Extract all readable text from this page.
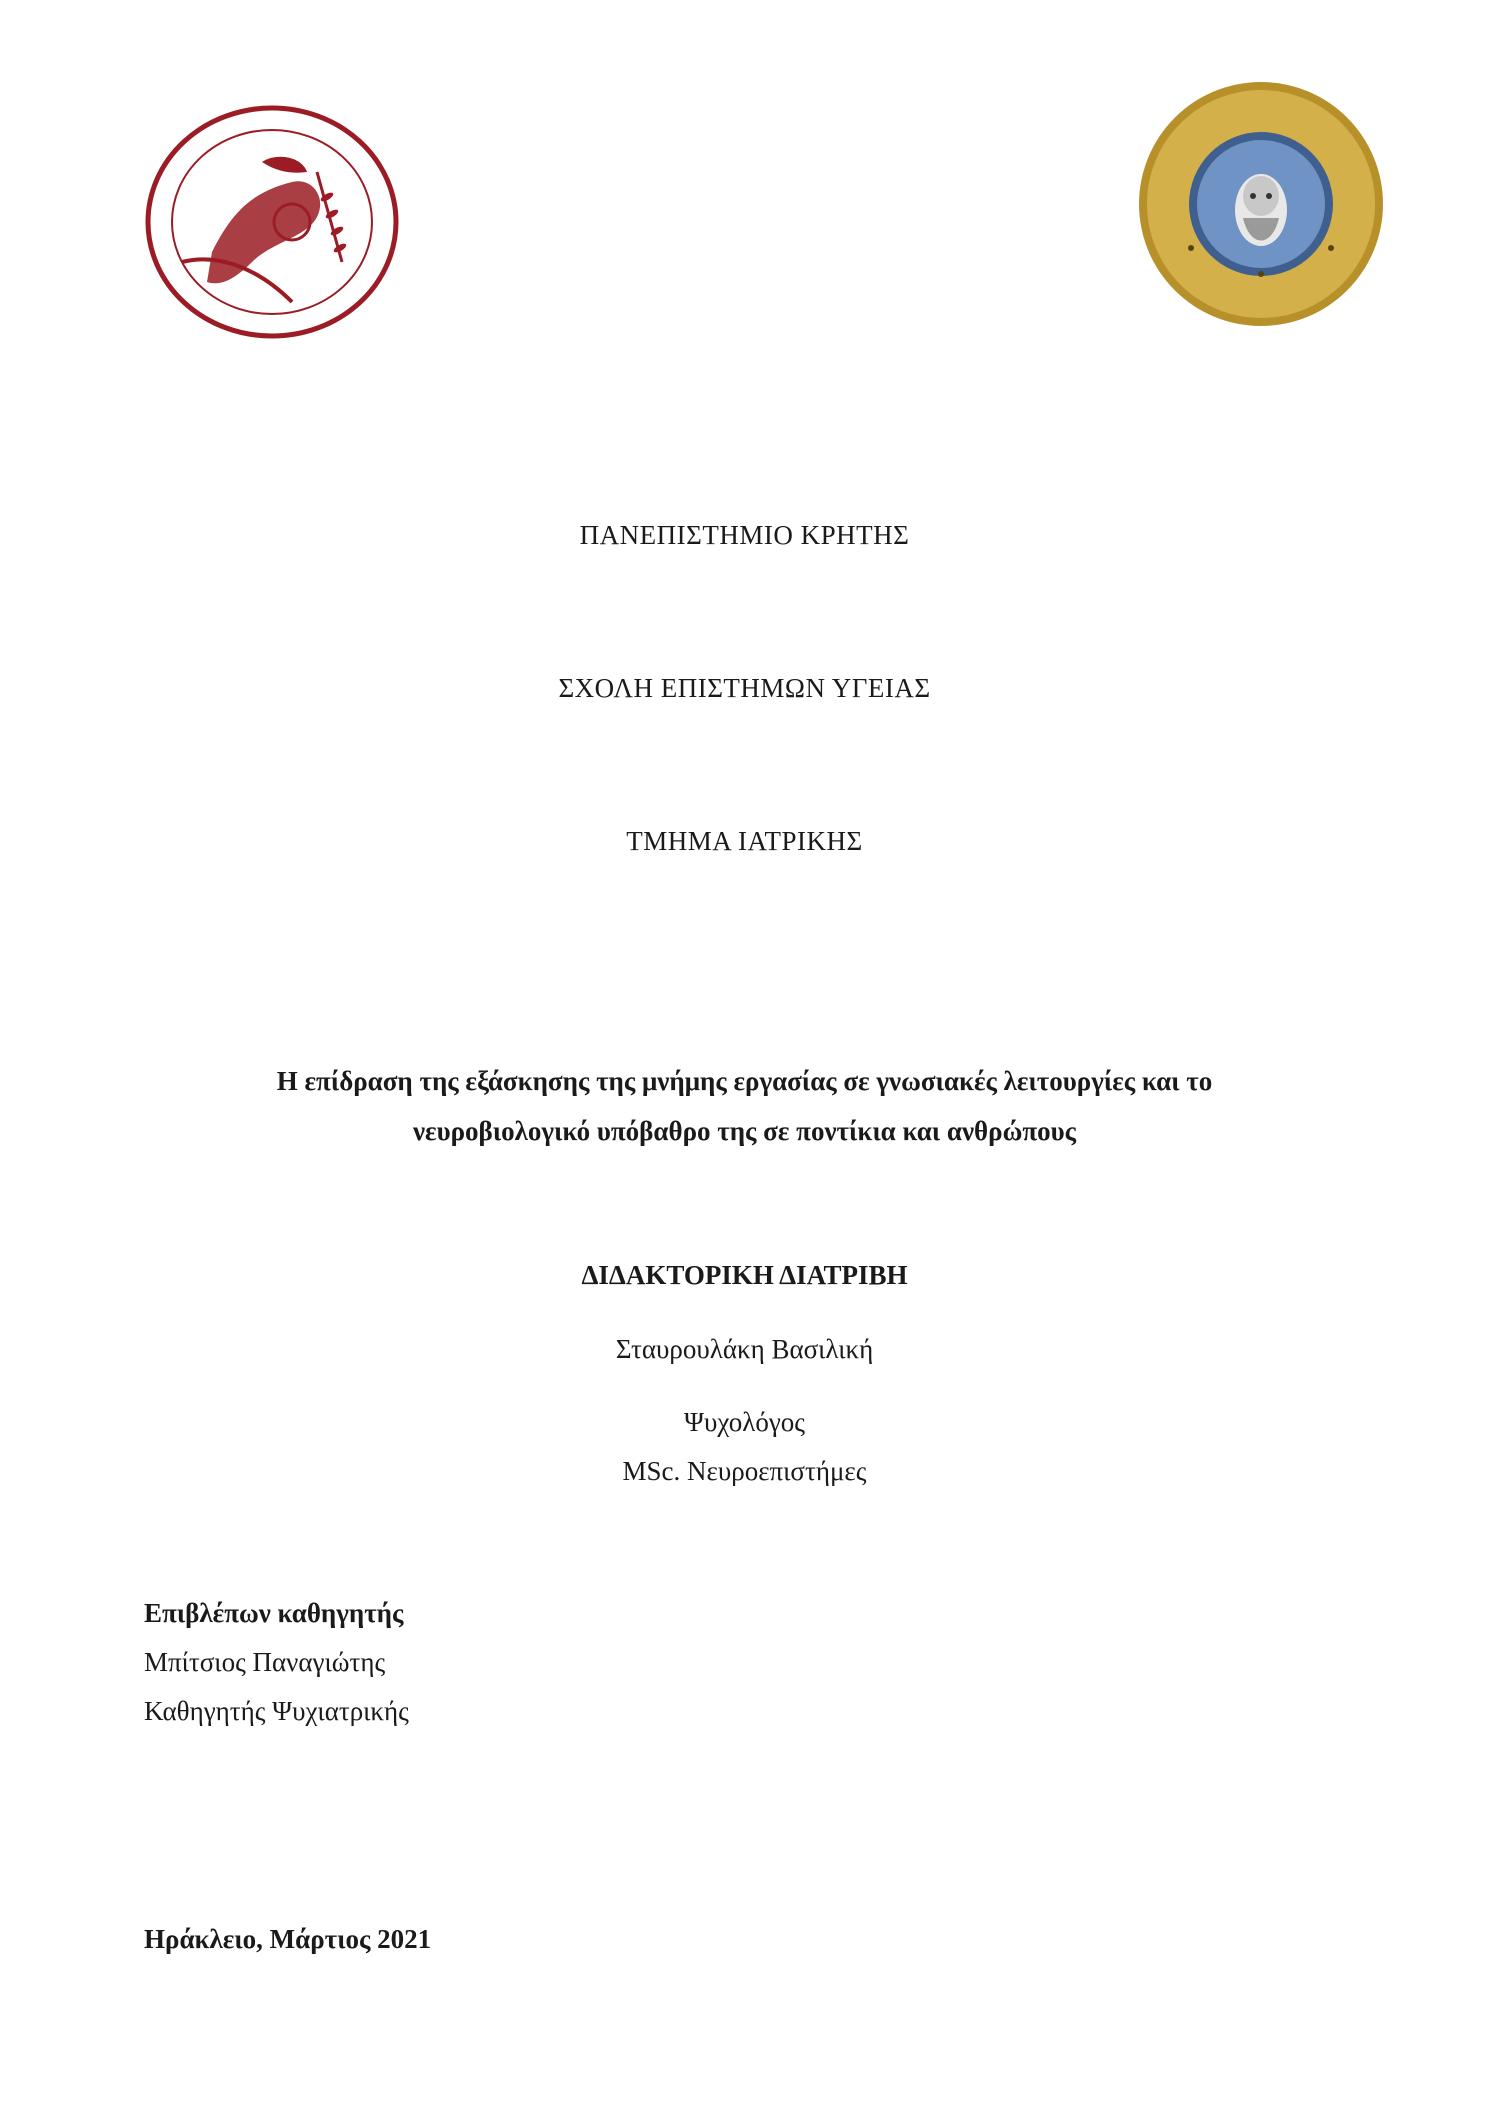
ΠΑΝΕΠΙΣΤΗΜΙΟ ΚΡΗΤΗΣ
ΣΧΟΛΗ ΕΠΙΣΤΗΜΩΝ ΥΓΕΙΑΣ
ΤΜΗΜΑ ΙΑΤΡΙΚΗΣ
Η επίδραση της εξάσκησης της μνήμης εργασίας σε γνωσιακές λειτουργίες και το
νευροβιολογικό υπόβαθρο της σε ποντίκια και ανθρώπους
ΔΙΔΑΚΤΟΡΙΚΗ ΔΙΑΤΡΙΒΗ
Σταυρουλάκη Βασιλική
Ψυχολόγος
MSc. Νευροεπιστήμες
Επιβλέπων καθηγητής
Μπίτσιος Παναγιώτης
Καθηγητής Ψυχιατρικής
Ηράκλειο, Μάρτιος 2021
